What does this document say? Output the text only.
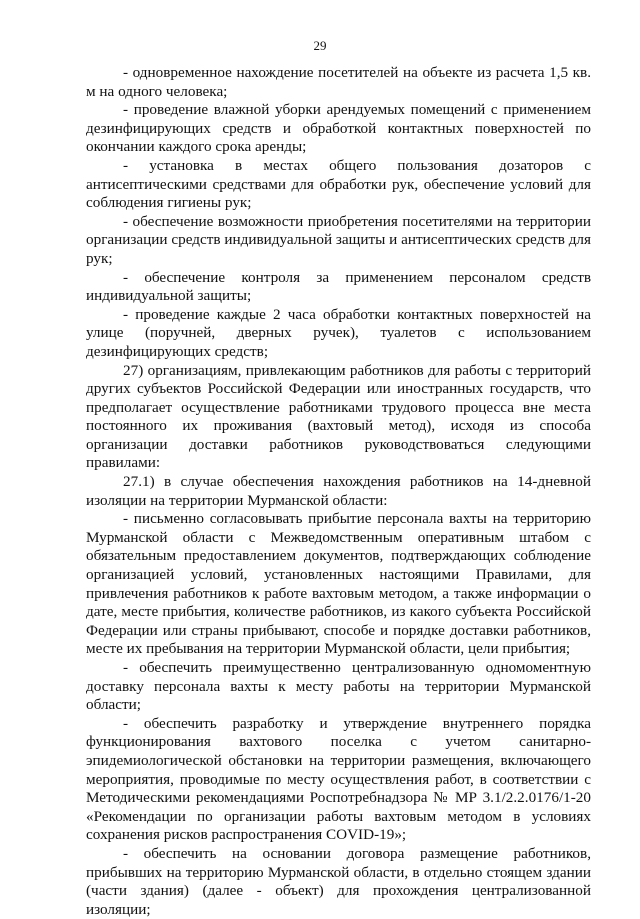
29

- одновременное нахождение посетителей на объекте из расчета 1,5 кв. м на одного человека;

- проведение влажной уборки арендуемых помещений с применением дезинфицирующих средств и обработкой контактных поверхностей по окончании каждого срока аренды;

- установка в местах общего пользования дозаторов с антисептическими средствами для обработки рук, обеспечение условий для соблюдения гигиены рук;

- обеспечение возможности приобретения посетителями на территории организации средств индивидуальной защиты и антисептических средств для рук;

- обеспечение контроля за применением персоналом средств индивидуальной защиты;

- проведение каждые 2 часа обработки контактных поверхностей на улице (поручней, дверных ручек), туалетов с использованием дезинфицирующих средств;

27) организациям, привлекающим работников для работы с территорий других субъектов Российской Федерации или иностранных государств, что предполагает осуществление работниками трудового процесса вне места постоянного их проживания (вахтовый метод), исходя из способа организации доставки работников руководствоваться следующими правилами:

27.1) в случае обеспечения нахождения работников на 14-дневной изоляции на территории Мурманской области:

- письменно согласовывать прибытие персонала вахты на территорию Мурманской области с Межведомственным оперативным штабом с обязательным предоставлением документов, подтверждающих соблюдение организацией условий, установленных настоящими Правилами, для привлечения работников к работе вахтовым методом, а также информации о дате, месте прибытия, количестве работников, из какого субъекта Российской Федерации или страны прибывают, способе и порядке доставки работников, месте их пребывания на территории Мурманской области, цели прибытия;

- обеспечить преимущественно централизованную одномоментную доставку персонала вахты к месту работы на территории Мурманской области;

- обеспечить разработку и утверждение внутреннего порядка функционирования вахтового поселка с учетом санитарно-эпидемиологической обстановки на территории размещения, включающего мероприятия, проводимые по месту осуществления работ, в соответствии с Методическими рекомендациями Роспотребнадзора № МР 3.1/2.2.0176/1-20 «Рекомендации по организации работы вахтовым методом в условиях сохранения рисков распространения COVID-19»;

- обеспечить на основании договора размещение работников, прибывших на территорию Мурманской области, в отдельно стоящем здании (части здания) (далее - объект) для прохождения централизованной изоляции;
